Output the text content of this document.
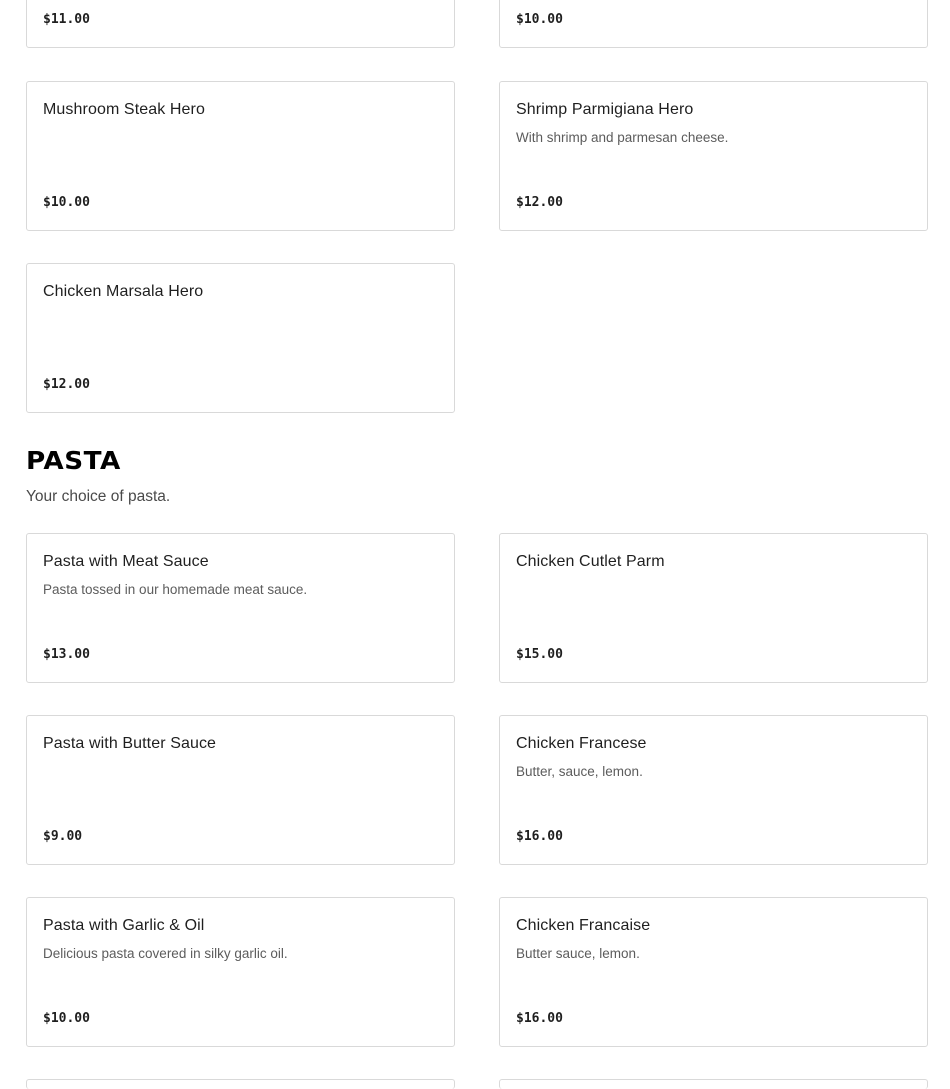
$11.00	$10.00
Mushroom Steak Hero
$10.00
Shrimp Parmigiana Hero
With shrimp and parmesan cheese.
$12.00
Chicken Marsala Hero
$12.00
PASTA

Your choice of pasta.

Pasta with Meat Sauce
Pasta tossed in our homemade meat sauce.
$13.00
Chicken Cutlet Parm
$15.00
Pasta with Butter Sauce
$9.00
Chicken Francese
Butter, sauce, lemon.
$16.00
Pasta with Garlic & Oil
Delicious pasta covered in silky garlic oil.
$10.00
Chicken Francaise
Butter sauce, lemon.
$16.00
